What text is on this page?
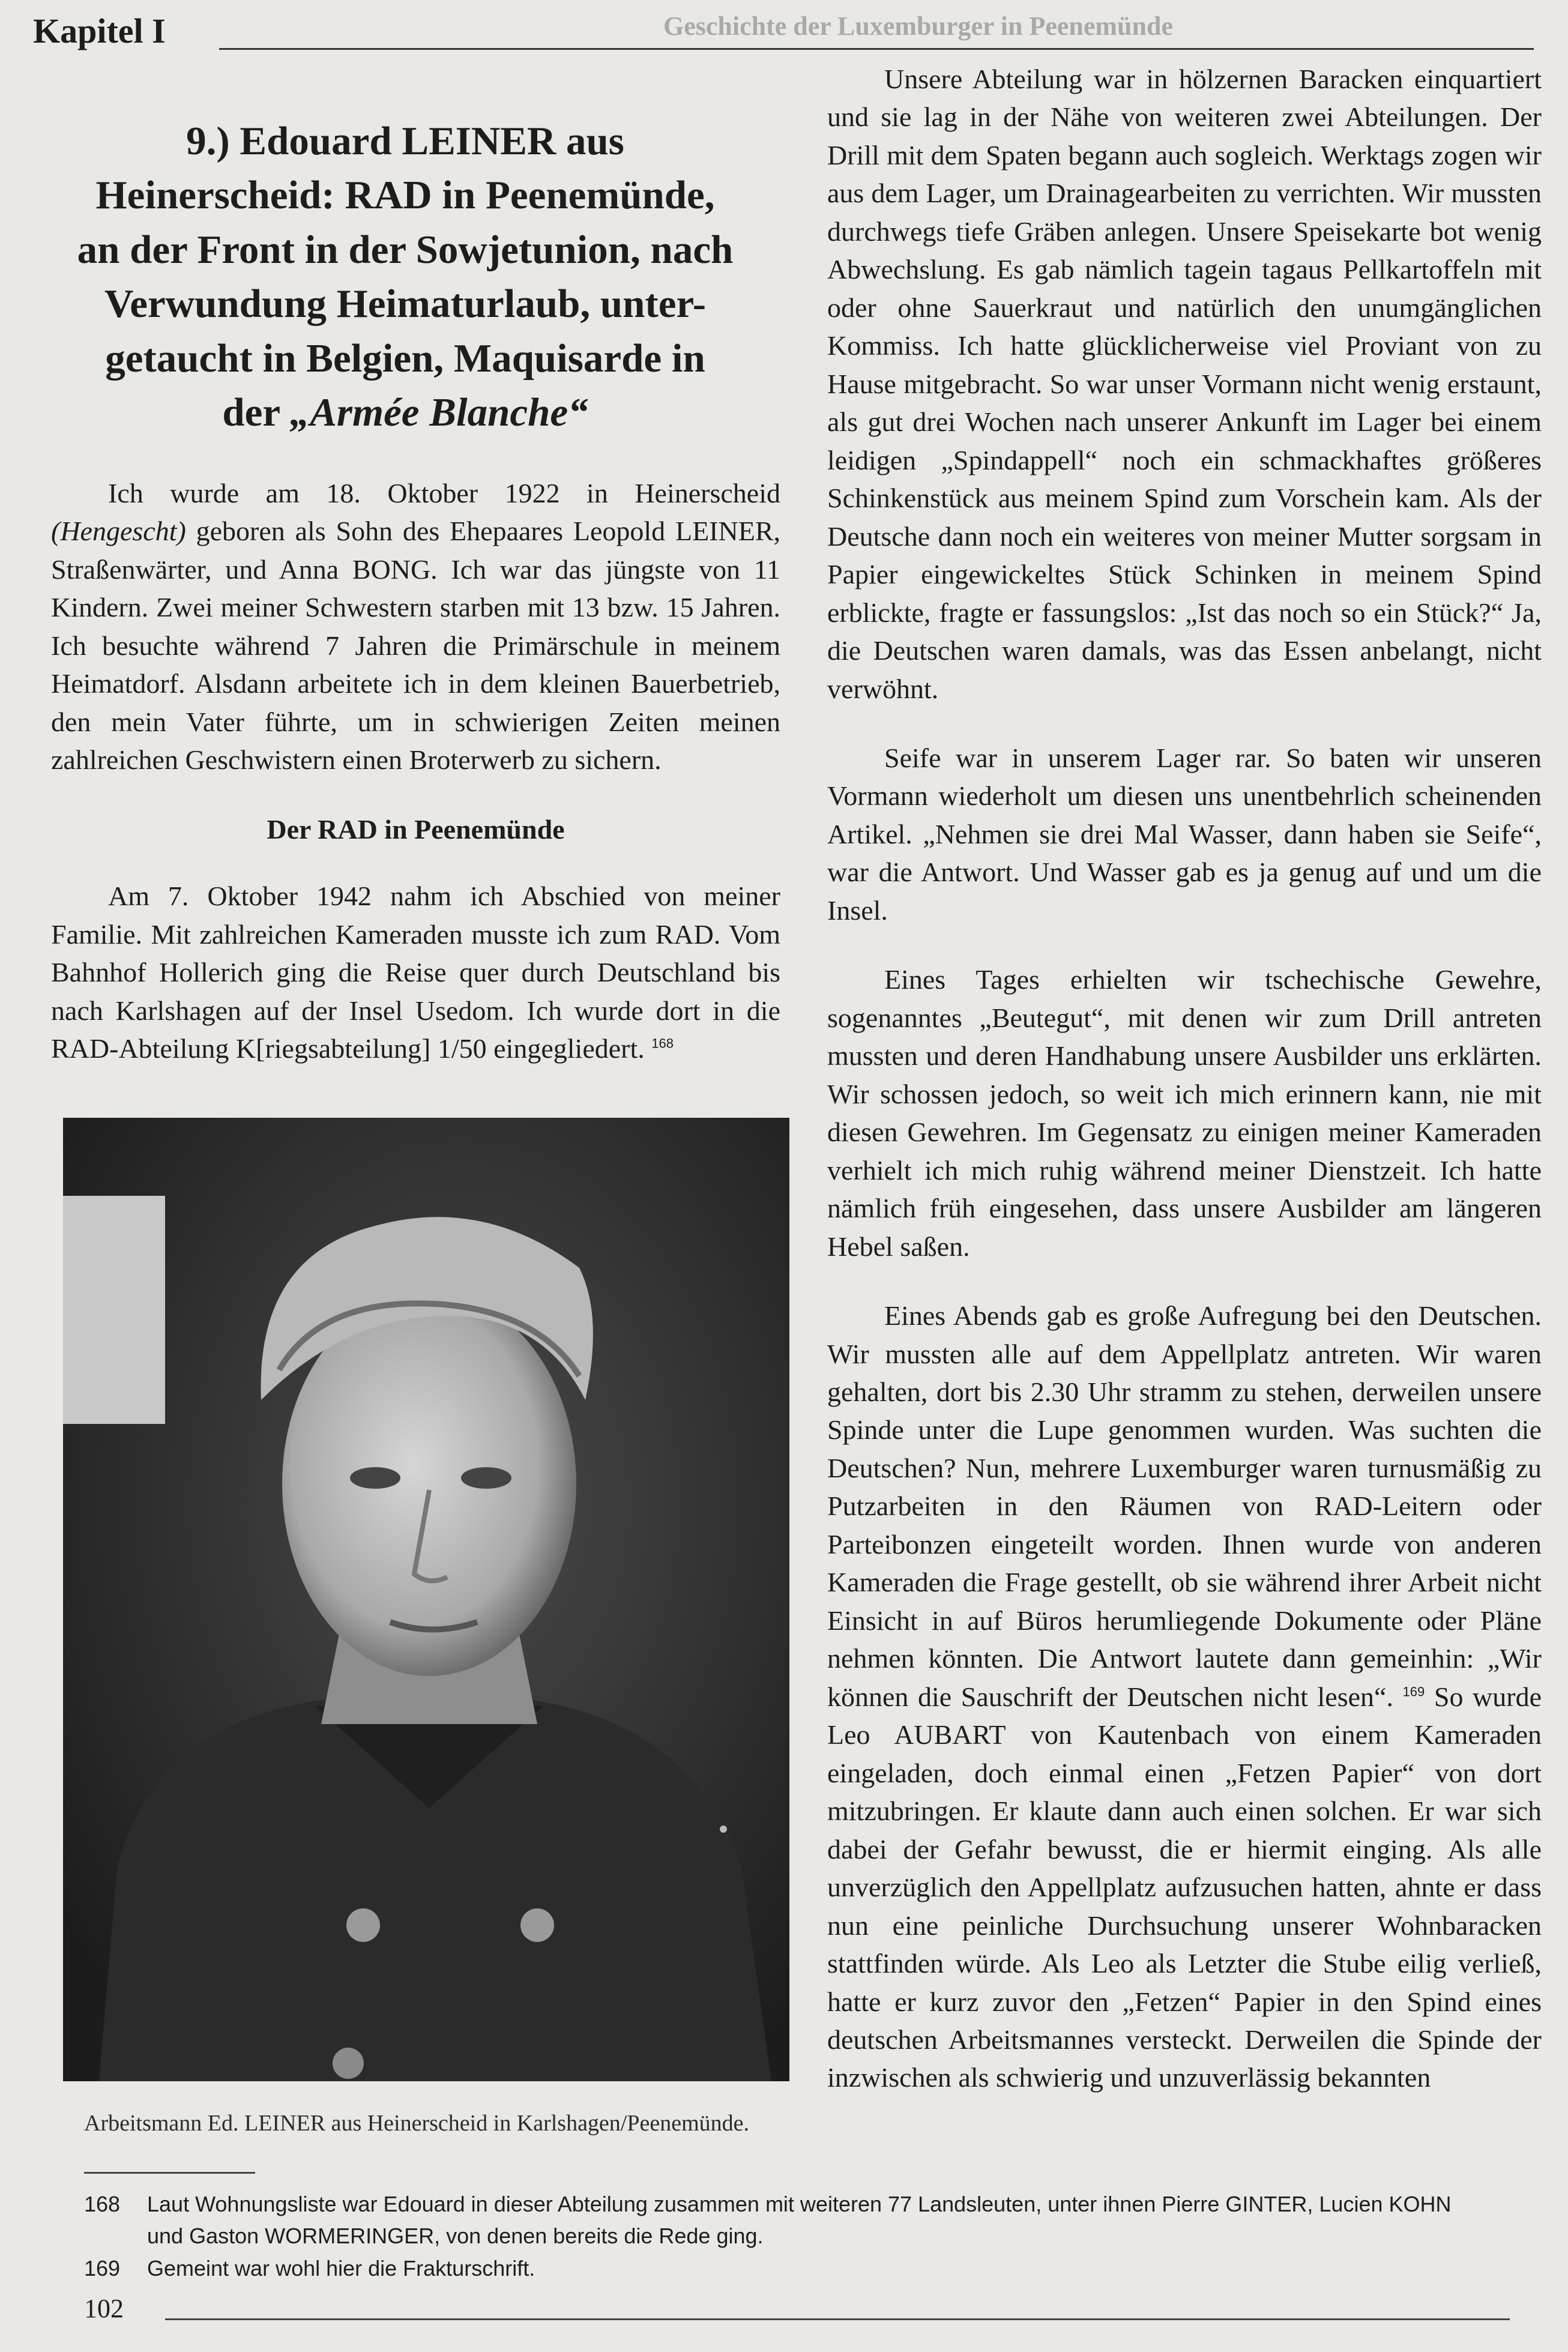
Kapitel I	Geschichte der Luxemburger in Peenemünde
9.) Edouard LEINER aus
Heinerscheid: RAD in Peenemünde,
an der Front in der Sowjetunion, nach
Verwundung Heimaturlaub, unter-
getaucht in Belgien, Maquisarde in
der „Armée Blanche“

Ich wurde am 18. Oktober 1922 in Heinerscheid (Hengescht) geboren als Sohn des Ehepaares Leopold LEINER, Straßenwärter, und Anna BONG. Ich war das jüngste von 11 Kindern. Zwei meiner Schwestern starben mit 13 bzw. 15 Jahren. Ich besuchte während 7 Jahren die Primärschule in meinem Heimatdorf. Alsdann arbeitete ich in dem kleinen Bauerbetrieb, den mein Vater führte, um in schwierigen Zeiten meinen zahlreichen Geschwistern einen Broterwerb zu sichern.

Der RAD in Peenemünde

Am 7. Oktober 1942 nahm ich Abschied von meiner Familie. Mit zahlreichen Kameraden musste ich zum RAD. Vom Bahnhof Hollerich ging die Reise quer durch Deutschland bis nach Karlshagen auf der Insel Usedom. Ich wurde dort in die RAD-Abteilung K[riegsabteilung] 1/50 eingegliedert. $^{168}$

Arbeitsmann Ed. LEINER aus Heinerscheid in Karlshagen/Peenemünde.

Unsere Abteilung war in hölzernen Baracken einquartiert und sie lag in der Nähe von weiteren zwei Abteilungen. Der Drill mit dem Spaten begann auch sogleich. Werktags zogen wir aus dem Lager, um Drainagearbeiten zu verrichten. Wir mussten durchwegs tiefe Gräben anlegen. Unsere Speisekarte bot wenig Abwechslung. Es gab nämlich tagein tagaus Pellkartoffeln mit oder ohne Sauerkraut und natürlich den unumgänglichen Kommiss. Ich hatte glücklicherweise viel Proviant von zu Hause mitgebracht. So war unser Vormann nicht wenig erstaunt, als gut drei Wochen nach unserer Ankunft im Lager bei einem leidigen „Spindappell“ noch ein schmackhaftes größeres Schinkenstück aus meinem Spind zum Vorschein kam. Als der Deutsche dann noch ein weiteres von meiner Mutter sorgsam in Papier eingewickeltes Stück Schinken in meinem Spind erblickte, fragte er fassungslos: „Ist das noch so ein Stück?“ Ja, die Deutschen waren damals, was das Essen anbelangt, nicht verwöhnt.

Seife war in unserem Lager rar. So baten wir unseren Vormann wiederholt um diesen uns unentbehrlich scheinenden Artikel. „Nehmen sie drei Mal Wasser, dann haben sie Seife“, war die Antwort. Und Wasser gab es ja genug auf und um die Insel.

Eines Tages erhielten wir tschechische Gewehre, sogenanntes „Beutegut“, mit denen wir zum Drill antreten mussten und deren Handhabung unsere Ausbilder uns erklärten. Wir schossen jedoch, so weit ich mich erinnern kann, nie mit diesen Gewehren. Im Gegensatz zu einigen meiner Kameraden verhielt ich mich ruhig während meiner Dienstzeit. Ich hatte nämlich früh eingesehen, dass unsere Ausbilder am längeren Hebel saßen.

Eines Abends gab es große Aufregung bei den Deutschen. Wir mussten alle auf dem Appellplatz antreten. Wir waren gehalten, dort bis 2.30 Uhr stramm zu stehen, derweilen unsere Spinde unter die Lupe genommen wurden. Was suchten die Deutschen? Nun, mehrere Luxemburger waren turnusmäßig zu Putzarbeiten in den Räumen von RAD-Leitern oder Parteibonzen eingeteilt worden. Ihnen wurde von anderen Kameraden die Frage gestellt, ob sie während ihrer Arbeit nicht Einsicht in auf Büros herumliegende Dokumente oder Pläne nehmen könnten. Die Antwort lautete dann gemeinhin: „Wir können die Sauschrift der Deutschen nicht lesen“. $^{169}$ So wurde Leo AUBART von Kautenbach von einem Kameraden eingeladen, doch einmal einen „Fetzen Papier“ von dort mitzubringen. Er klaute dann auch einen solchen. Er war sich dabei der Gefahr bewusst, die er hiermit einging. Als alle unverzüglich den Appellplatz aufzusuchen hatten, ahnte er dass nun eine peinliche Durchsuchung unserer Wohnbaracken stattfinden würde. Als Leo als Letzter die Stube eilig verließ, hatte er kurz zuvor den „Fetzen“ Papier in den Spind eines deutschen Arbeitsmannes versteckt. Derweilen die Spinde der inzwischen als schwierig und unzuverlässig bekannten

168	Laut Wohnungsliste war Edouard in dieser Abteilung zusammen mit weiteren 77 Landsleuten, unter ihnen Pierre GINTER, Lucien KOHN
und Gaston WORMERINGER, von denen bereits die Rede ging.
169	Gemeint war wohl hier die Frakturschrift.
102
